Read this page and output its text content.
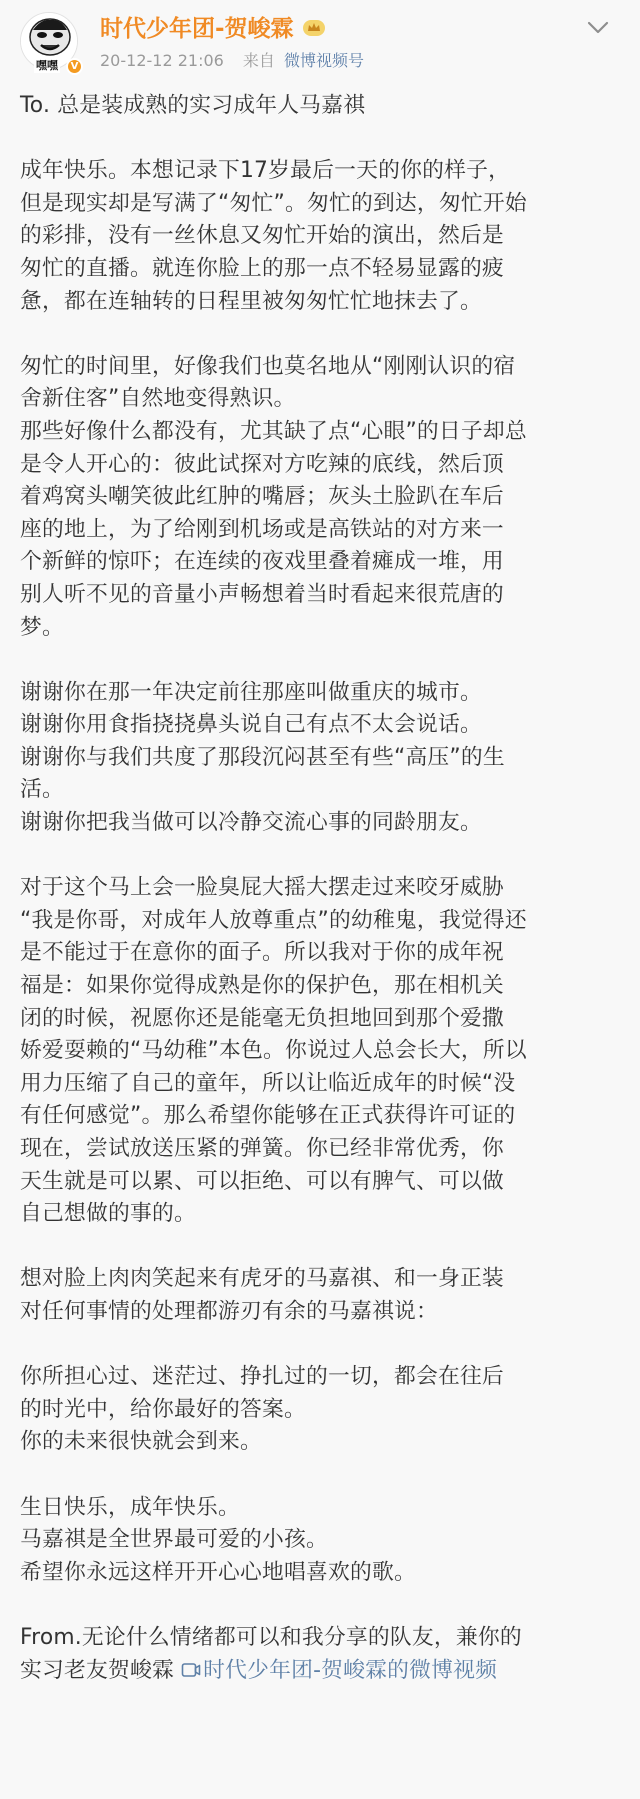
嘿嘿	V
时代少年团-贺峻霖
20-12-12 21:06 来自 微博视频号
To. 总是装成熟的实习成年人马嘉祺
成年快乐。本想记录下17岁最后一天的你的样子，
但是现实却是写满了“匆忙”。匆忙的到达，匆忙开始
的彩排，没有一丝休息又匆忙开始的演出，然后是
匆忙的直播。就连你脸上的那一点不轻易显露的疲
惫，都在连轴转的日程里被匆匆忙忙地抹去了。
匆忙的时间里，好像我们也莫名地从“刚刚认识的宿
舍新住客”自然地变得熟识。
那些好像什么都没有，尤其缺了点“心眼”的日子却总
是令人开心的：彼此试探对方吃辣的底线，然后顶
着鸡窝头嘲笑彼此红肿的嘴唇；灰头土脸趴在车后
座的地上，为了给刚到机场或是高铁站的对方来一
个新鲜的惊吓；在连续的夜戏里叠着瘫成一堆，用
别人听不见的音量小声畅想着当时看起来很荒唐的
梦。
谢谢你在那一年决定前往那座叫做重庆的城市。
谢谢你用食指挠挠鼻头说自己有点不太会说话。
谢谢你与我们共度了那段沉闷甚至有些“高压”的生
活。
谢谢你把我当做可以冷静交流心事的同龄朋友。
对于这个马上会一脸臭屁大摇大摆走过来咬牙威胁
“我是你哥，对成年人放尊重点”的幼稚鬼，我觉得还
是不能过于在意你的面子。所以我对于你的成年祝
福是：如果你觉得成熟是你的保护色，那在相机关
闭的时候，祝愿你还是能毫无负担地回到那个爱撒
娇爱耍赖的“马幼稚”本色。你说过人总会长大，所以
用力压缩了自己的童年，所以让临近成年的时候“没
有任何感觉”。那么希望你能够在正式获得许可证的
现在，尝试放送压紧的弹簧。你已经非常优秀，你
天生就是可以累、可以拒绝、可以有脾气、可以做
自己想做的事的。
想对脸上肉肉笑起来有虎牙的马嘉祺、和一身正装
对任何事情的处理都游刃有余的马嘉祺说：
你所担心过、迷茫过、挣扎过的一切，都会在往后
的时光中，给你最好的答案。
你的未来很快就会到来。
生日快乐，成年快乐。
马嘉祺是全世界最可爱的小孩。
希望你永远这样开开心心地唱喜欢的歌。
From.无论什么情绪都可以和我分享的队友，兼你的
实习老友贺峻霖 时代少年团-贺峻霖的微博视频
